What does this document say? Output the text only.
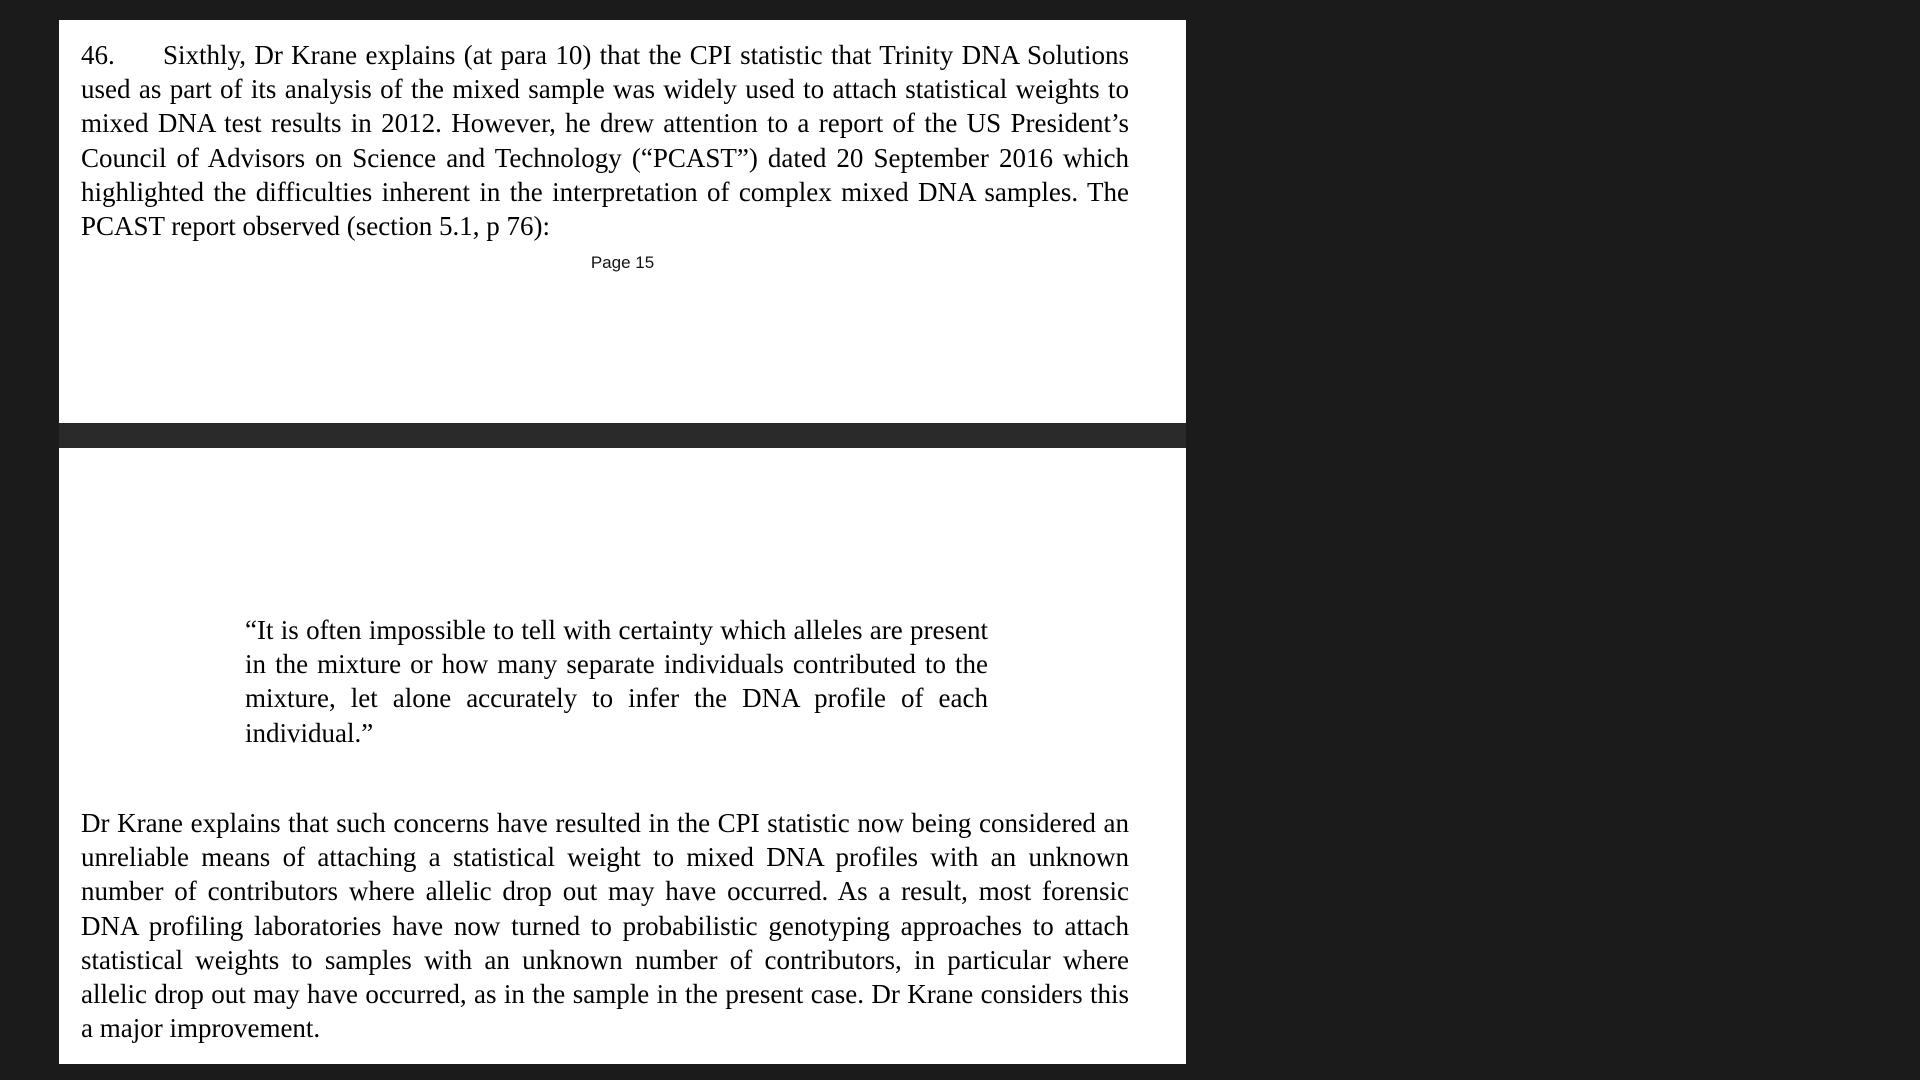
46. Sixthly, Dr Krane explains (at para 10) that the CPI statistic that Trinity DNA Solutions used as part of its analysis of the mixed sample was widely used to attach statistical weights to mixed DNA test results in 2012. However, he drew attention to a report of the US President’s Council of Advisors on Science and Technology (“PCAST”) dated 20 September 2016 which highlighted the difficulties inherent in the interpretation of complex mixed DNA samples. The PCAST report observed (section 5.1, p 76):

Page 15

“It is often impossible to tell with certainty which alleles are present in the mixture or how many separate individuals contributed to the mixture, let alone accurately to infer the DNA profile of each individual.”

Dr Krane explains that such concerns have resulted in the CPI statistic now being considered an unreliable means of attaching a statistical weight to mixed DNA profiles with an unknown number of contributors where allelic drop out may have occurred. As a result, most forensic DNA profiling laboratories have now turned to probabilistic genotyping approaches to attach statistical weights to samples with an unknown number of contributors, in particular where allelic drop out may have occurred, as in the sample in the present case. Dr Krane considers this a major improvement.
